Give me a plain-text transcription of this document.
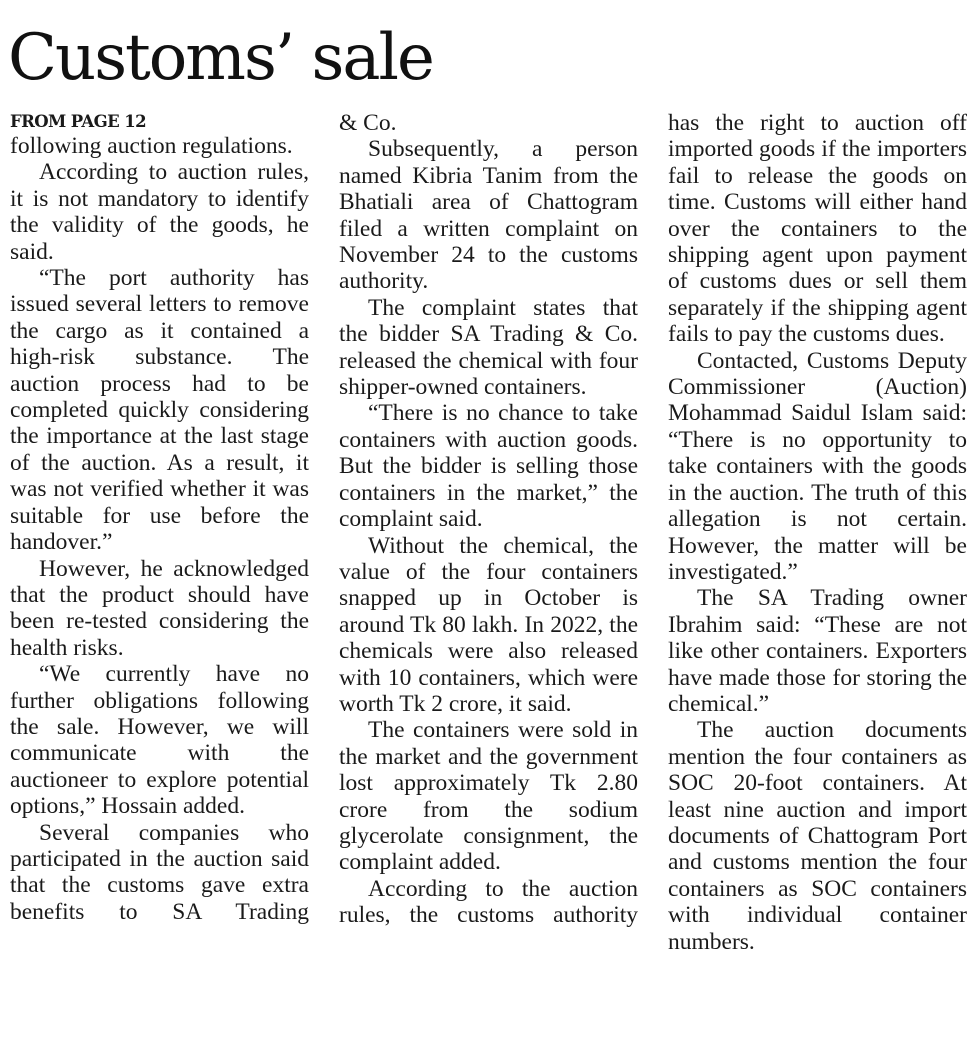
Customs’ sale
FROM PAGE 12

following auction regulations.

According to auction rules, it is not mandatory to identify the validity of the goods, he said.

“The port authority has issued several letters to remove the cargo as it contained a high-risk substance. The auction process had to be completed quickly considering the importance at the last stage of the auction. As a result, it was not verified whether it was suitable for use before the handover.”

However, he acknowledged that the product should have been re-tested considering the health risks.

“We currently have no further obligations following the sale. However, we will communicate with the auctioneer to explore potential options,” Hossain added.

Several companies who participated in the auction said that the customs gave extra benefits to SA Trading

& Co.

Subsequently, a person named Kibria Tanim from the Bhatiali area of Chattogram filed a written complaint on November 24 to the customs authority.

The complaint states that the bidder SA Trading & Co. released the chemical with four shipper-owned containers.

“There is no chance to take containers with auction goods. But the bidder is selling those containers in the market,” the complaint said.

Without the chemical, the value of the four containers snapped up in October is around Tk 80 lakh. In 2022, the chemicals were also released with 10 containers, which were worth Tk 2 crore, it said.

The containers were sold in the market and the government lost approximately Tk 2.80 crore from the sodium glycerolate consignment, the complaint added.

According to the auction rules, the customs authority

has the right to auction off imported goods if the importers fail to release the goods on time. Customs will either hand over the containers to the shipping agent upon payment of customs dues or sell them separately if the shipping agent fails to pay the customs dues.

Contacted, Customs Deputy Commissioner (Auction) Mohammad Saidul Islam said: “There is no opportunity to take containers with the goods in the auction. The truth of this allegation is not certain. However, the matter will be investigated.”

The SA Trading owner Ibrahim said: “These are not like other containers. Exporters have made those for storing the chemical.”

The auction documents mention the four containers as SOC 20-foot containers. At least nine auction and import documents of Chattogram Port and customs mention the four containers as SOC containers with individual container numbers.
